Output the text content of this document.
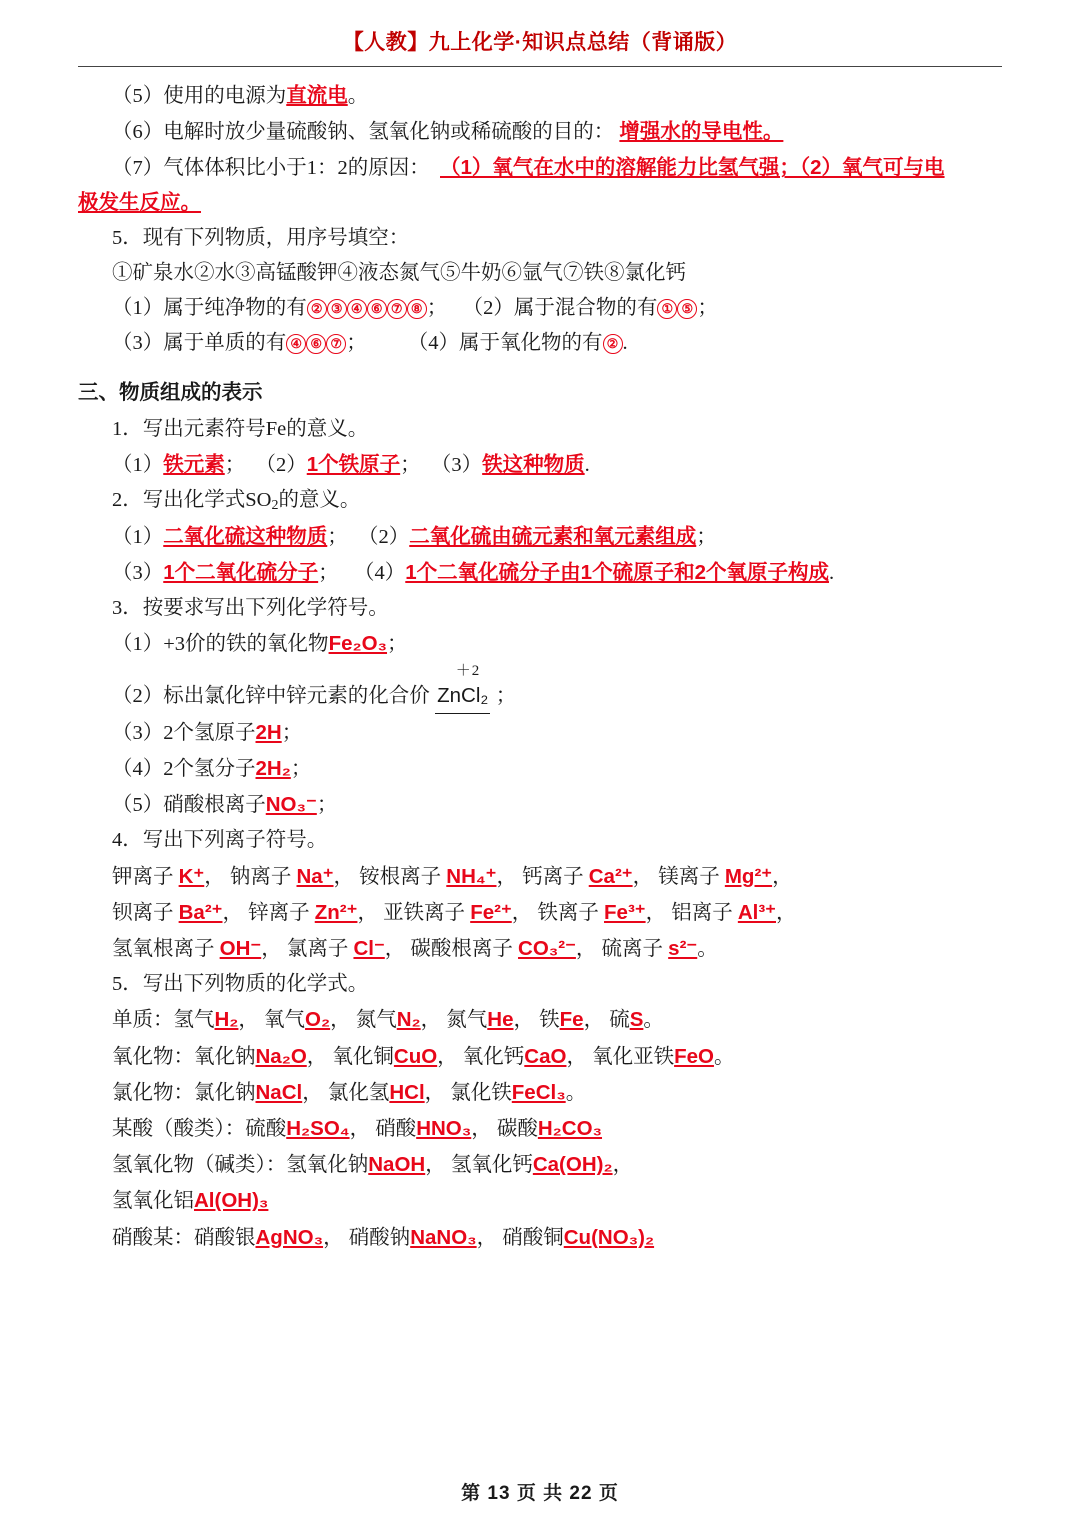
【人教】九上化学·知识点总结（背诵版）

（5）使用的电源为直流电。

（6）电解时放少量硫酸钠、氢氧化钠或稀硫酸的目的： 增强水的导电性。

（7）气体体积比小于1：2的原因： （1）氧气在水中的溶解能力比氢气强；（2）氧气可与电

极发生反应。

5．现有下列物质，用序号填空：

①矿泉水②水③高锰酸钾④液态氮气⑤牛奶⑥氩气⑦铁⑧氯化钙

（1）属于纯净物的有 ② ③ ④ ⑥ ⑦ ⑧ ； （2）属于混合物的有 ① ⑤ ；

（3）属于单质的有 ④ ⑥ ⑦ ； （4）属于氧化物的有 ② .

三、物质组成的表示

1．写出元素符号Fe的意义。

（1）铁元素； （2）1个铁原子； （3）铁这种物质.

2．写出化学式$SO_2$的意义。

（1）二氧化硫这种物质； （2）二氧化硫由硫元素和氧元素组成；

（3）1个二氧化硫分子； （4）1个二氧化硫分子由1个硫原子和2个氧原子构成.

3．按要求写出下列化学符号。

（1）+3价的铁的氧化物Fe₂O₃；

（2）标出氯化锌中锌元素的化合价
＋2
ZnCl₂ ；

（3）2个氢原子2H；

（4）2个氢分子2H₂；

（5）硝酸根离子NO₃⁻；

4．写出下列离子符号。

钾离子 K⁺， 钠离子 Na⁺， 铵根离子 NH₄⁺， 钙离子 Ca²⁺， 镁离子 Mg²⁺，

钡离子 Ba²⁺， 锌离子 Zn²⁺， 亚铁离子 Fe²⁺， 铁离子 Fe³⁺， 铝离子 Al³⁺，

氢氧根离子 OH⁻， 氯离子 Cl⁻， 碳酸根离子 CO₃²⁻， 硫离子 s²⁻。

5．写出下列物质的化学式。

单质：氢气H₂， 氧气O₂， 氮气N₂， 氮气He， 铁Fe， 硫S。

氧化物：氧化钠Na₂O， 氧化铜CuO， 氧化钙CaO， 氧化亚铁FeO。

氯化物：氯化钠NaCl， 氯化氢HCl， 氯化铁FeCl₃。

某酸（酸类）：硫酸H₂SO₄， 硝酸HNO₃， 碳酸H₂CO₃

氢氧化物（碱类）：氢氧化钠NaOH， 氢氧化钙Ca(OH)₂，

氢氧化铝Al(OH)₃

硝酸某：硝酸银AgNO₃， 硝酸钠NaNO₃， 硝酸铜Cu(NO₃)₂

第 13 页 共 22 页
